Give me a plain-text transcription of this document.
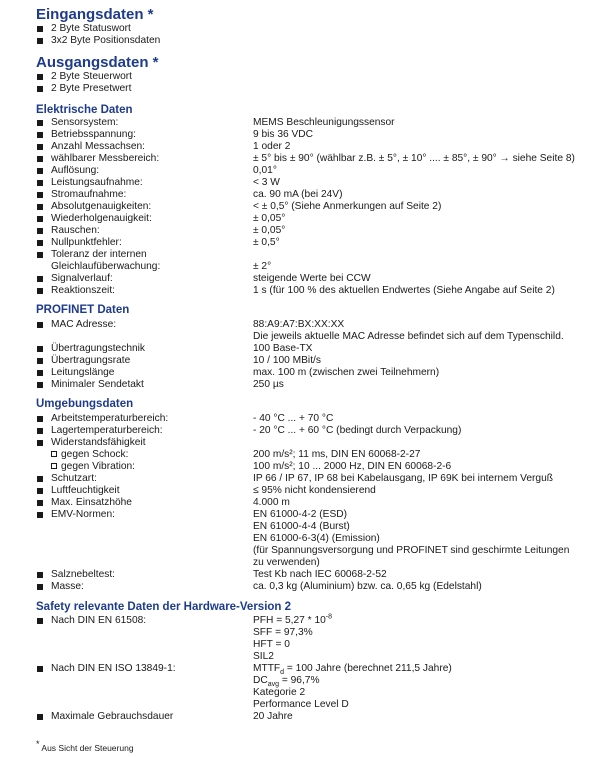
Eingangsdaten *
2 Byte Statuswort
3x2 Byte Positionsdaten
Ausgangsdaten *
2 Byte Steuerwort
2 Byte Presetwert
Elektrische Daten
Sensorsystem:	MEMS Beschleunigungssensor
Betriebsspannung:	9 bis 36 VDC
Anzahl Messachsen:	1 oder 2
wählbarer Messbereich:	± 5° bis ± 90° (wählbar z.B. ± 5°, ± 10° .... ± 85°, ± 90° → siehe Seite 8)
Auflösung:	0,01°
Leistungsaufnahme:	< 3 W
Stromaufnahme:	ca. 90 mA (bei 24V)
Absolutgenauigkeiten:	< ± 0,5° (Siehe Anmerkungen auf Seite 2)
Wiederholgenauigkeit:	± 0,05°
Rauschen:	± 0,05°
Nullpunktfehler:	± 0,5°
Toleranz der internen
Gleichlaufüberwachung:	± 2°
Signalverlauf:	steigende Werte bei CCW
Reaktionszeit:	1 s (für 100 % des aktuellen Endwertes (Siehe Angabe auf Seite 2)
PROFINET Daten
MAC Adresse:	88:A9:A7:BX:XX:XX
Die jeweils aktuelle MAC Adresse befindet sich auf dem Typenschild.
Übertragungstechnik	100 Base-TX
Übertragungsrate	10 / 100 MBit/s
Leitungslänge	max. 100 m (zwischen zwei Teilnehmern)
Minimaler Sendetakt	250 µs
Umgebungsdaten
Arbeitstemperaturbereich:	- 40 °C ... + 70 °C
Lagertemperaturbereich:	- 20 °C ... + 60 °C (bedingt durch Verpackung)
Widerstandsfähigkeit
gegen Schock:	200 m/s²; 11 ms, DIN EN 60068-2-27
gegen Vibration:	100 m/s²; 10 ... 2000 Hz, DIN EN 60068-2-6
Schutzart:	IP 66 / IP 67, IP 68 bei Kabelausgang, IP 69K bei internem Verguß
Luftfeuchtigkeit	≤ 95% nicht kondensierend
Max. Einsatzhöhe	4.000 m
EMV-Normen:	EN 61000-4-2 (ESD)
EN 61000-4-4 (Burst)
EN 61000-6-3(4) (Emission)
(für Spannungsversorgung und PROFINET sind geschirmte Leitungen
zu verwenden)
Salznebeltest:	Test Kb nach IEC 60068-2-52
Masse:	ca. 0,3 kg (Aluminium) bzw. ca. 0,65 kg (Edelstahl)
Safety relevante Daten der Hardware-Version 2
Nach DIN EN 61508:	PFH = $5,27 * 10^{-8}$
SFF = 97,3%
HFT = 0
SIL2
Nach DIN EN ISO 13849-1:	$MTTF_d = 100$ Jahre (berechnet 211,5 Jahre)
$DC_{avg} = 96,7\%$
Kategorie 2
Performance Level D
Maximale Gebrauchsdauer	20 Jahre
* Aus Sicht der Steuerung
